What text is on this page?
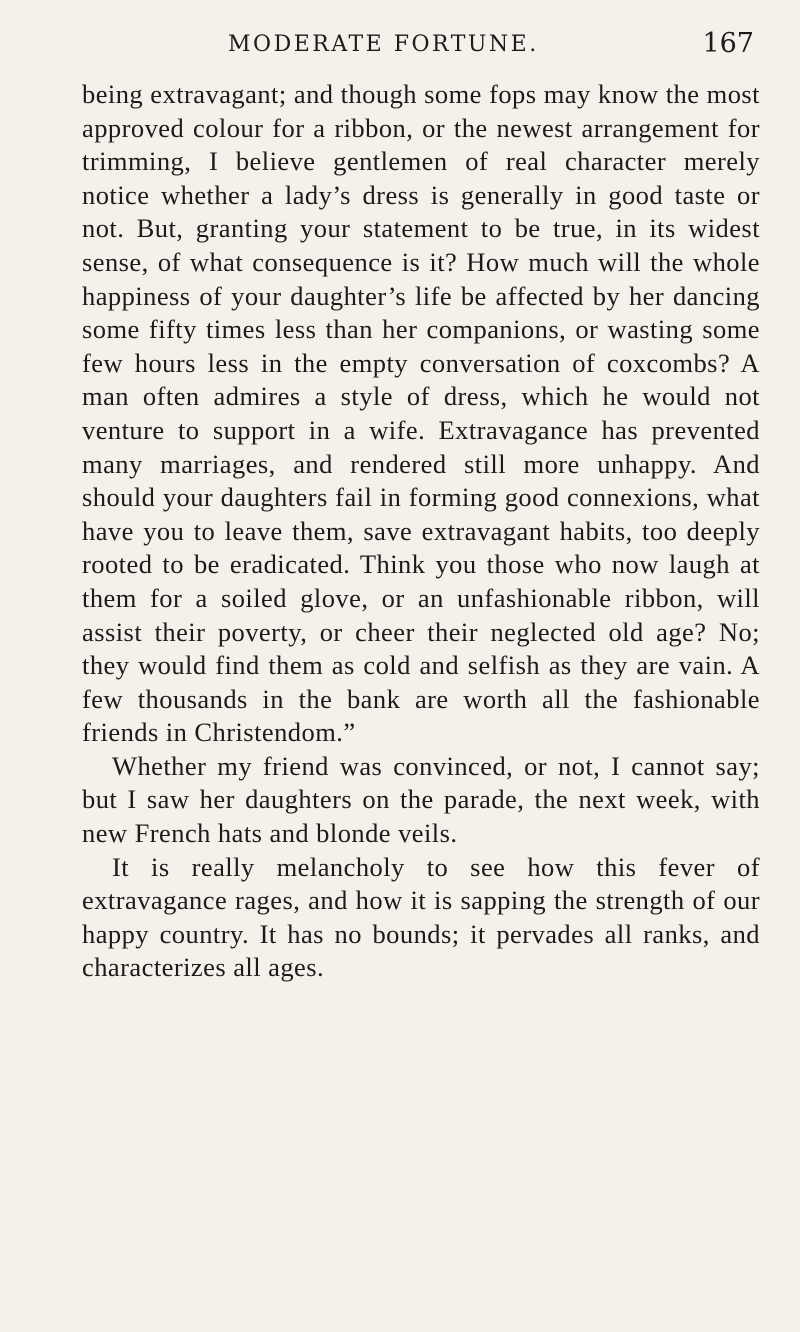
MODERATE FORTUNE.	167

being extravagant; and though some fops may know the most approved colour for a ribbon, or the newest arrangement for trimming, I believe gentlemen of real character merely notice whether a lady’s dress is generally in good taste or not. But, granting your statement to be true, in its widest sense, of what consequence is it? How much will the whole happiness of your daughter’s life be affected by her dancing some fifty times less than her companions, or wasting some few hours less in the empty conversation of coxcombs? A man often admires a style of dress, which he would not venture to support in a wife. Extravagance has prevented many marriages, and rendered still more unhappy. And should your daughters fail in forming good connexions, what have you to leave them, save extravagant habits, too deeply rooted to be eradicated. Think you those who now laugh at them for a soiled glove, or an unfashionable ribbon, will assist their poverty, or cheer their neglected old age? No; they would find them as cold and selfish as they are vain. A few thousands in the bank are worth all the fashionable friends in Christendom.”

Whether my friend was convinced, or not, I cannot say; but I saw her daughters on the parade, the next week, with new French hats and blonde veils.

It is really melancholy to see how this fever of extravagance rages, and how it is sapping the strength of our happy country. It has no bounds; it pervades all ranks, and characterizes all ages.
